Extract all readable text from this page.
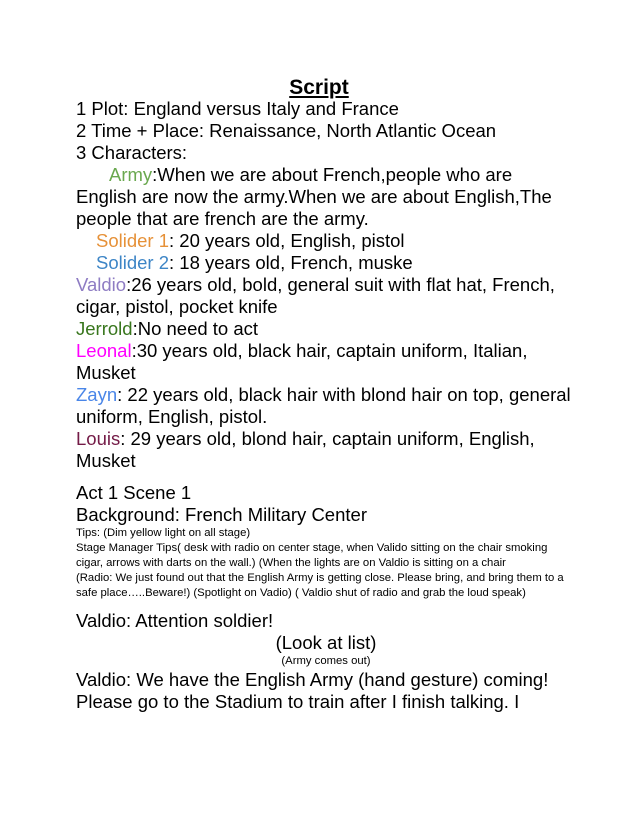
Script
1 Plot: England versus Italy and France
2 Time + Place: Renaissance, North Atlantic Ocean
3 Characters:
Army:When we are about French,people who are
English are now the army.When we are about English,The people that are french are the army.
Solider 1: 20 years old, English, pistol
Solider 2: 18 years old, French, muske
Valdio:26 years old, bold, general suit with flat hat, French, cigar, pistol, pocket knife
Jerrold:No need to act
Leonal:30 years old, black hair, captain uniform, Italian, Musket
Zayn: 22 years old, black hair with blond hair on top, general uniform, English, pistol.
Louis: 29 years old, blond hair, captain uniform, English, Musket
Act 1 Scene 1
Background: French Military Center
Tips: (Dim yellow light on all stage)
Stage Manager Tips( desk with radio on center stage, when Valido sitting on the chair smoking cigar, arrows with darts on the wall.) (When the lights are on Valdio is sitting on a chair
(Radio: We just found out that the English Army is getting close. Please bring, and bring them to a safe place…..Beware!) (Spotlight on Vadio) ( Valdio shut of radio and grab the loud speak)
Valdio: Attention soldier!
(Look at list)
(Army comes out)
Valdio: We have the English Army (hand gesture) coming! Please go to the Stadium to train after I finish talking. I
